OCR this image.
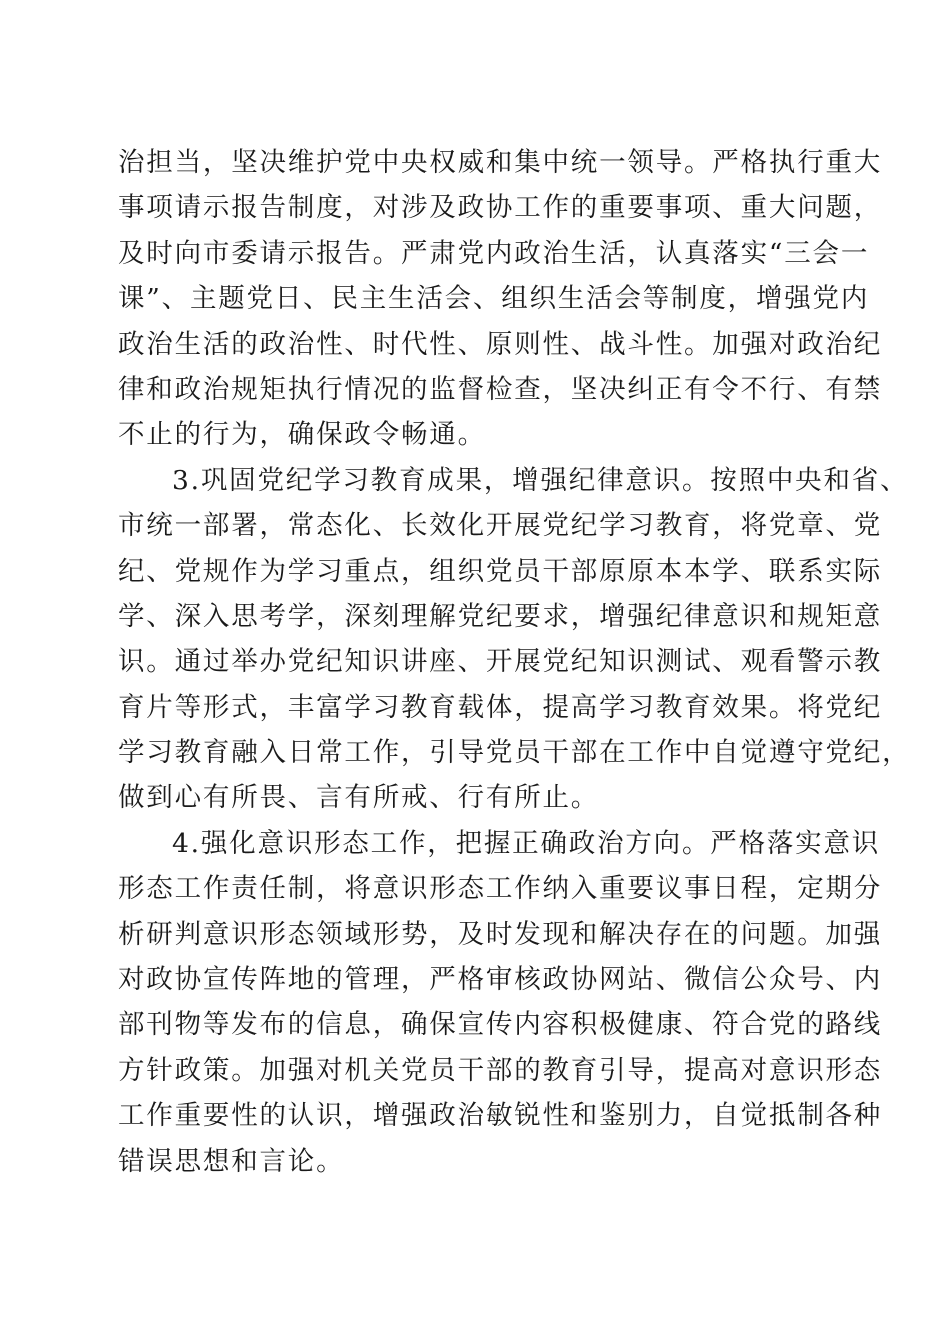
治担当，坚决维护党中央权威和集中统一领导。严格执行重大
事项请示报告制度，对涉及政协工作的重要事项、重大问题，
及时向市委请示报告。严肃党内政治生活，认真落实“三会一
课”、主题党日、民主生活会、组织生活会等制度，增强党内
政治生活的政治性、时代性、原则性、战斗性。加强对政治纪
律和政治规矩执行情况的监督检查，坚决纠正有令不行、有禁
不止的行为，确保政令畅通。
3.巩固党纪学习教育成果，增强纪律意识。按照中央和省、
市统一部署，常态化、长效化开展党纪学习教育，将党章、党
纪、党规作为学习重点，组织党员干部原原本本学、联系实际
学、深入思考学，深刻理解党纪要求，增强纪律意识和规矩意
识。通过举办党纪知识讲座、开展党纪知识测试、观看警示教
育片等形式，丰富学习教育载体，提高学习教育效果。将党纪
学习教育融入日常工作，引导党员干部在工作中自觉遵守党纪，
做到心有所畏、言有所戒、行有所止。
4.强化意识形态工作，把握正确政治方向。严格落实意识
形态工作责任制，将意识形态工作纳入重要议事日程，定期分
析研判意识形态领域形势，及时发现和解决存在的问题。加强
对政协宣传阵地的管理，严格审核政协网站、微信公众号、内
部刊物等发布的信息，确保宣传内容积极健康、符合党的路线
方针政策。加强对机关党员干部的教育引导，提高对意识形态
工作重要性的认识，增强政治敏锐性和鉴别力，自觉抵制各种
错误思想和言论。
